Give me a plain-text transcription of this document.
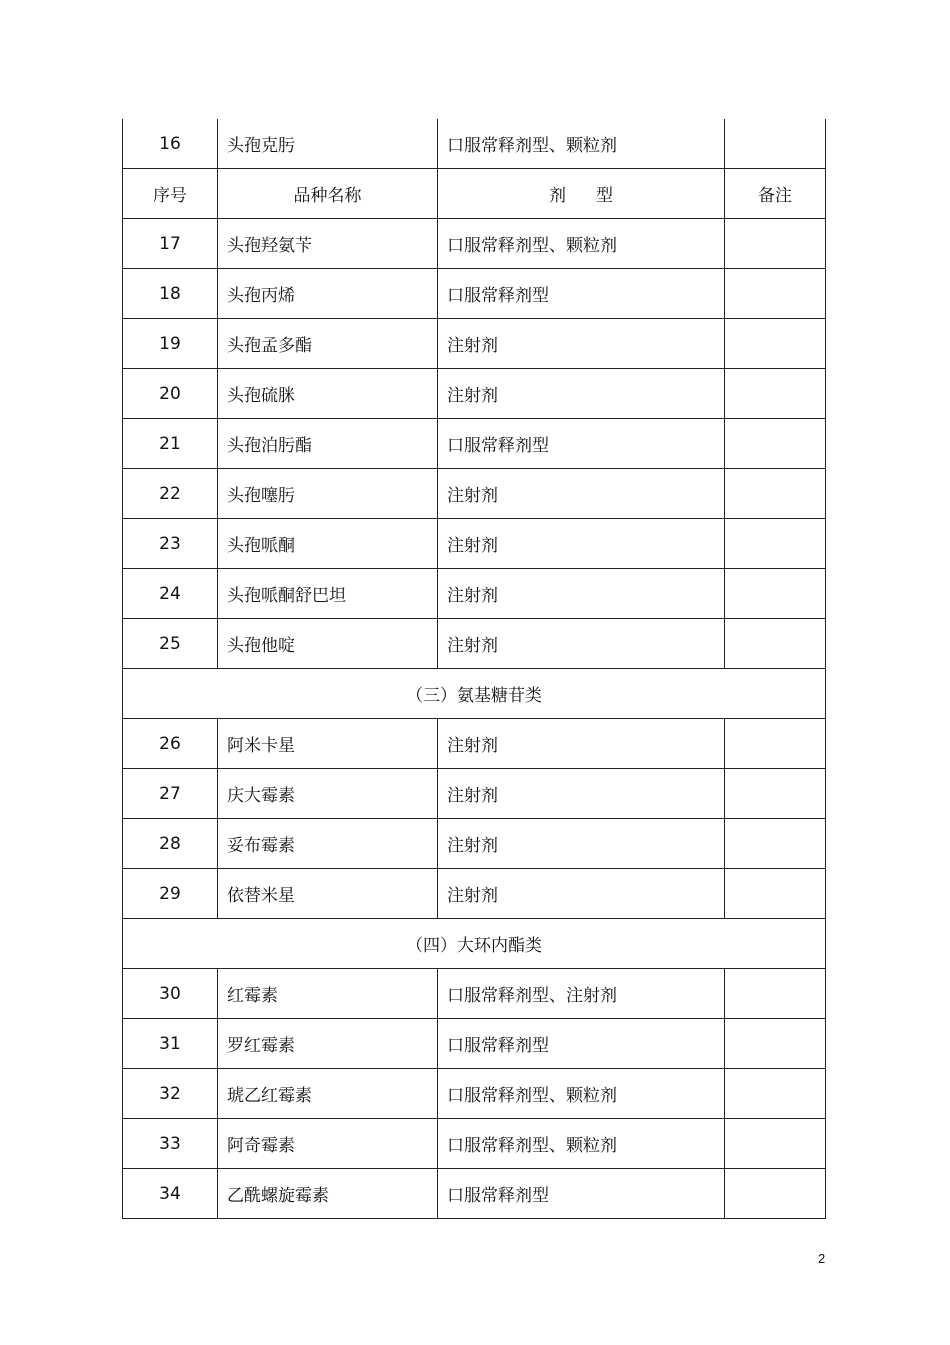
16	头孢克肟	口服常释剂型、颗粒剂	
序号	品种名称	剂 型	备注
17	头孢羟氨苄	口服常释剂型、颗粒剂	
18	头孢丙烯	口服常释剂型	
19	头孢孟多酯	注射剂	
20	头孢硫脒	注射剂	
21	头孢泊肟酯	口服常释剂型	
22	头孢噻肟	注射剂	
23	头孢哌酮	注射剂	
24	头孢哌酮舒巴坦	注射剂	
25	头孢他啶	注射剂	
（三）氨基糖苷类			
26	阿米卡星	注射剂	
27	庆大霉素	注射剂	
28	妥布霉素	注射剂	
29	依替米星	注射剂	
（四）大环内酯类			
30	红霉素	口服常释剂型、注射剂	
31	罗红霉素	口服常释剂型	
32	琥乙红霉素	口服常释剂型、颗粒剂	
33	阿奇霉素	口服常释剂型、颗粒剂	
34	乙酰螺旋霉素	口服常释剂型	
2
